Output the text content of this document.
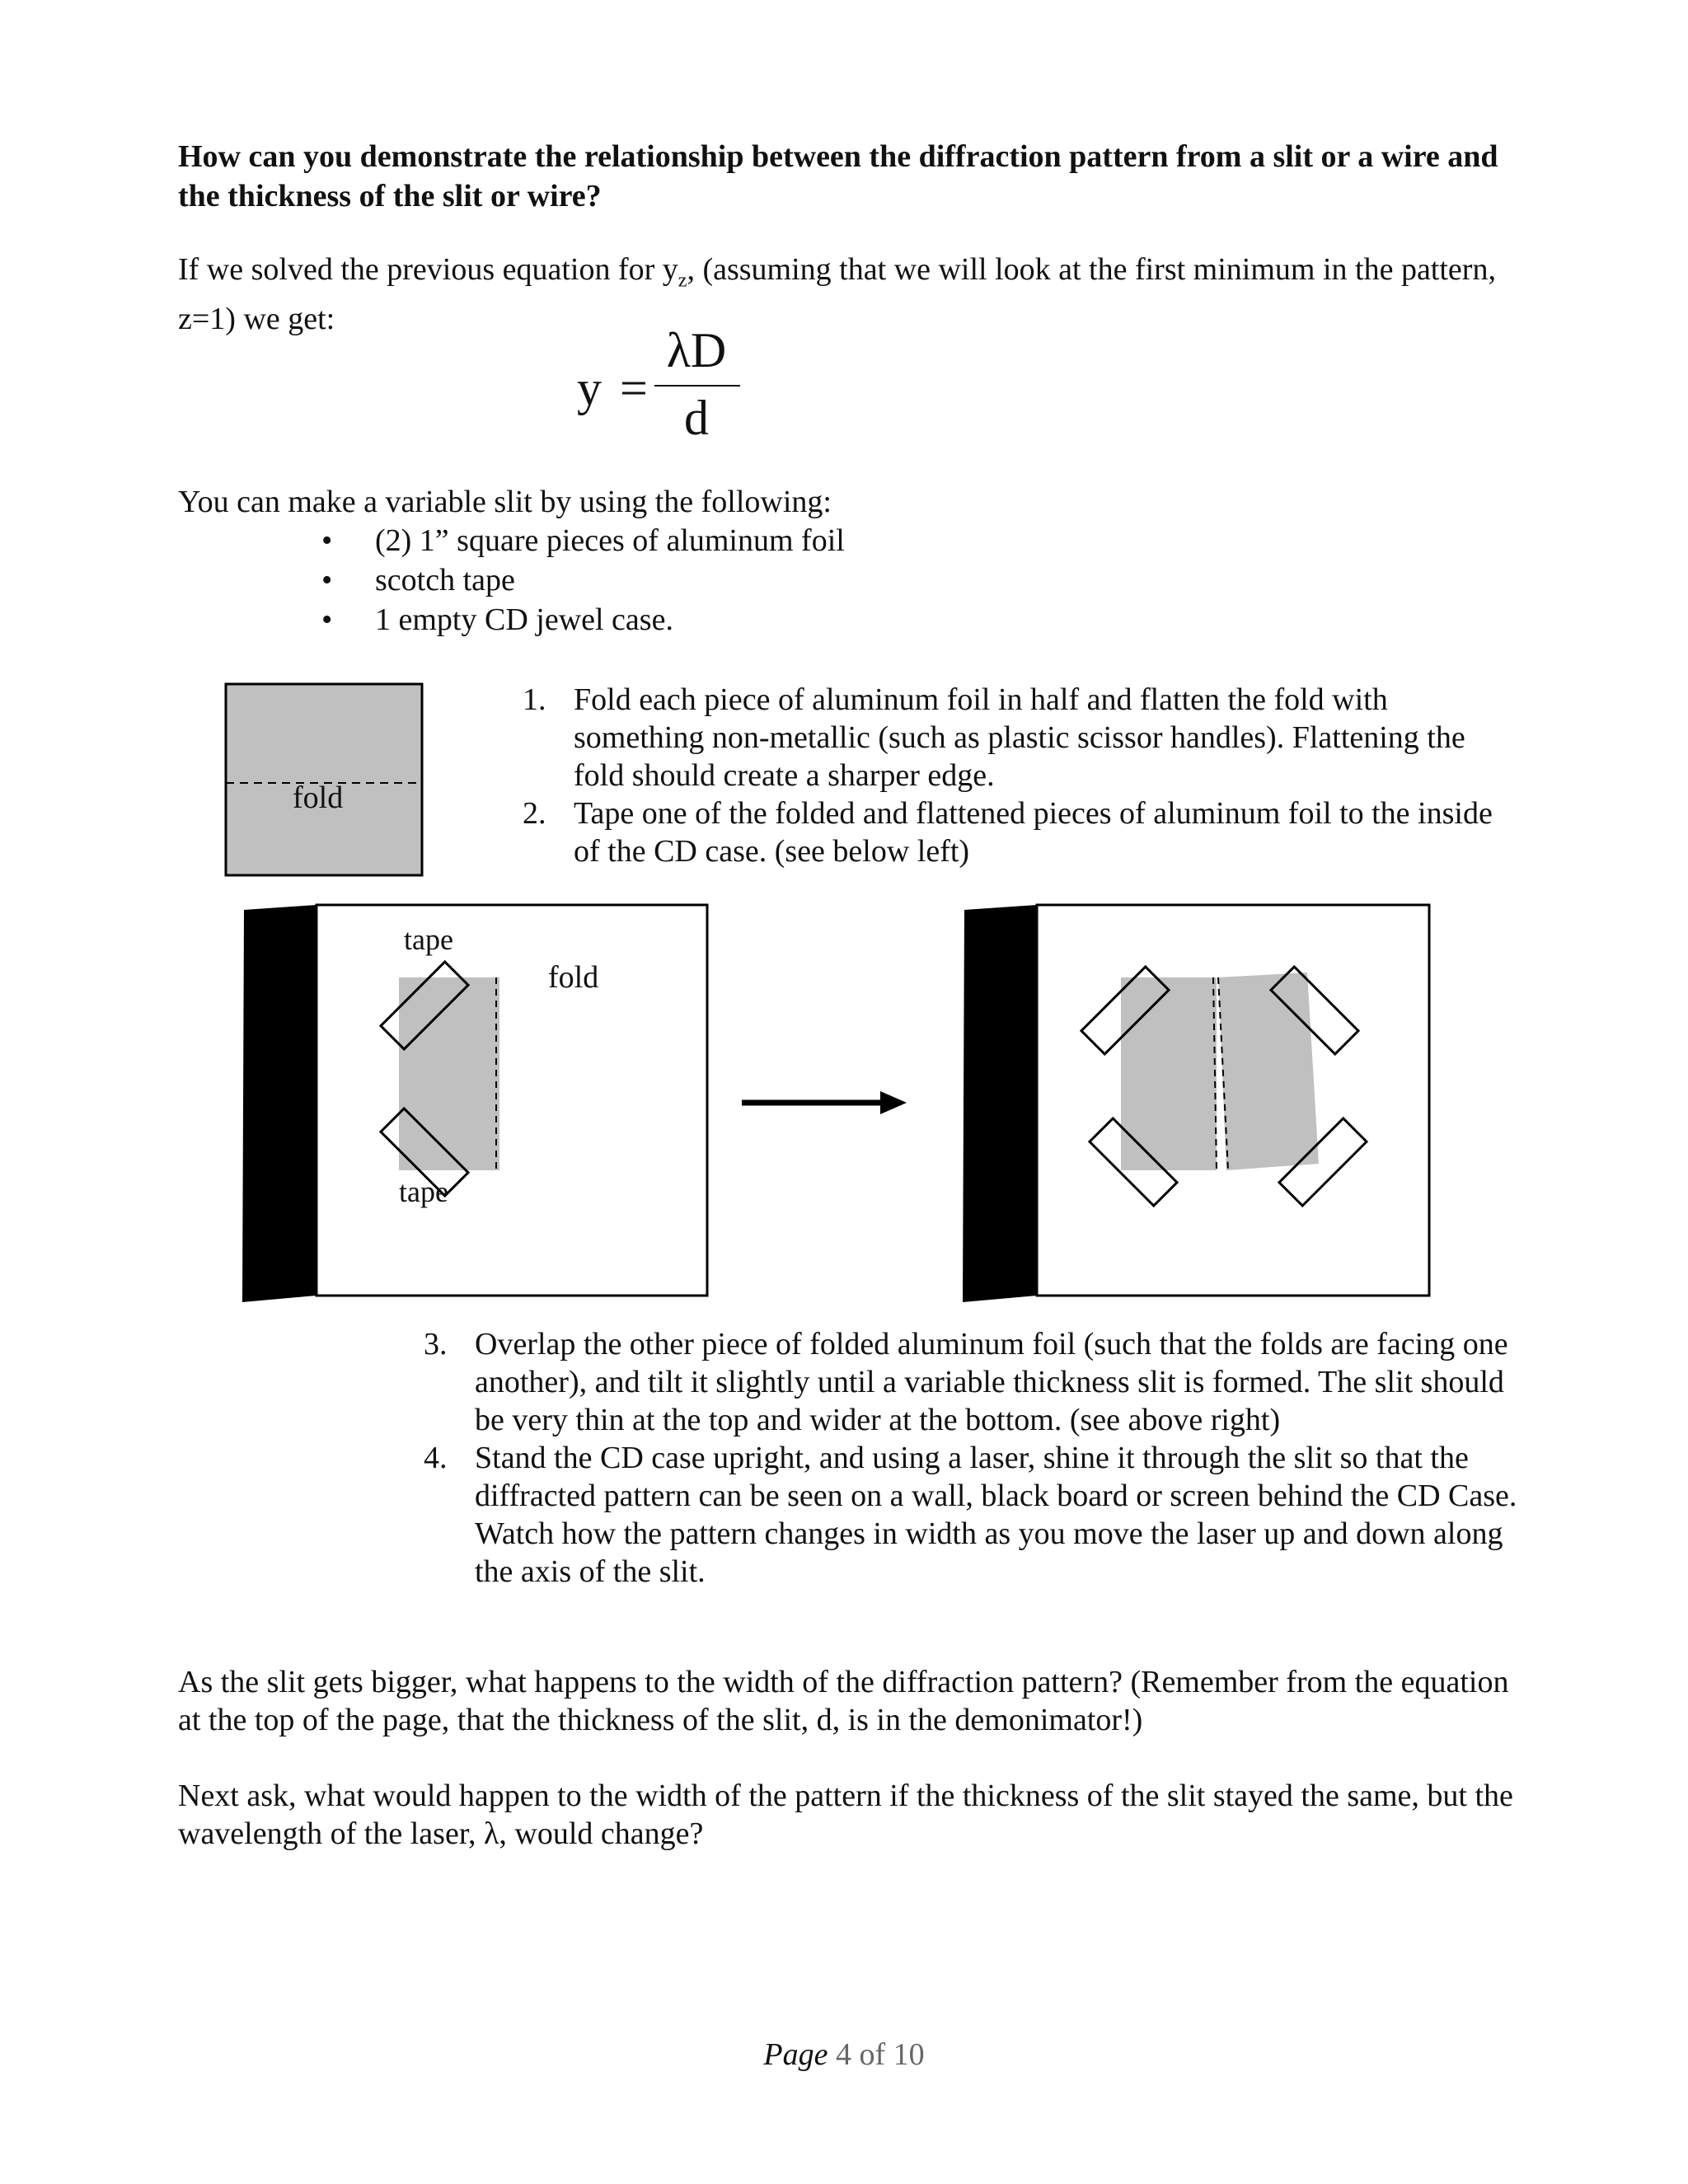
How can you demonstrate the relationship between the diffraction pattern from a slit or a wire and the thickness of the slit or wire?
If we solved the previous equation for $y_z$, (assuming that we will look at the first minimum in the pattern, z=1) we get:
y =
λD
d
You can make a variable slit by using the following:
• (2) 1” square pieces of aluminum foil
• scotch tape
• 1 empty CD jewel case.
fold
1. Fold each piece of aluminum foil in half and flatten the fold with something non-metallic (such as plastic scissor handles). Flattening the fold should create a sharper edge.
2. Tape one of the folded and flattened pieces of aluminum foil to the inside of the CD case. (see below left)
tape
tape
fold
3. Overlap the other piece of folded aluminum foil (such that the folds are facing one another), and tilt it slightly until a variable thickness slit is formed. The slit should be very thin at the top and wider at the bottom. (see above right)
4. Stand the CD case upright, and using a laser, shine it through the slit so that the diffracted pattern can be seen on a wall, black board or screen behind the CD Case. Watch how the pattern changes in width as you move the laser up and down along the axis of the slit.
As the slit gets bigger, what happens to the width of the diffraction pattern? (Remember from the equation at the top of the page, that the thickness of the slit, d, is in the demonimator!)
Next ask, what would happen to the width of the pattern if the thickness of the slit stayed the same, but the wavelength of the laser, λ, would change?
Page 4 of 10
